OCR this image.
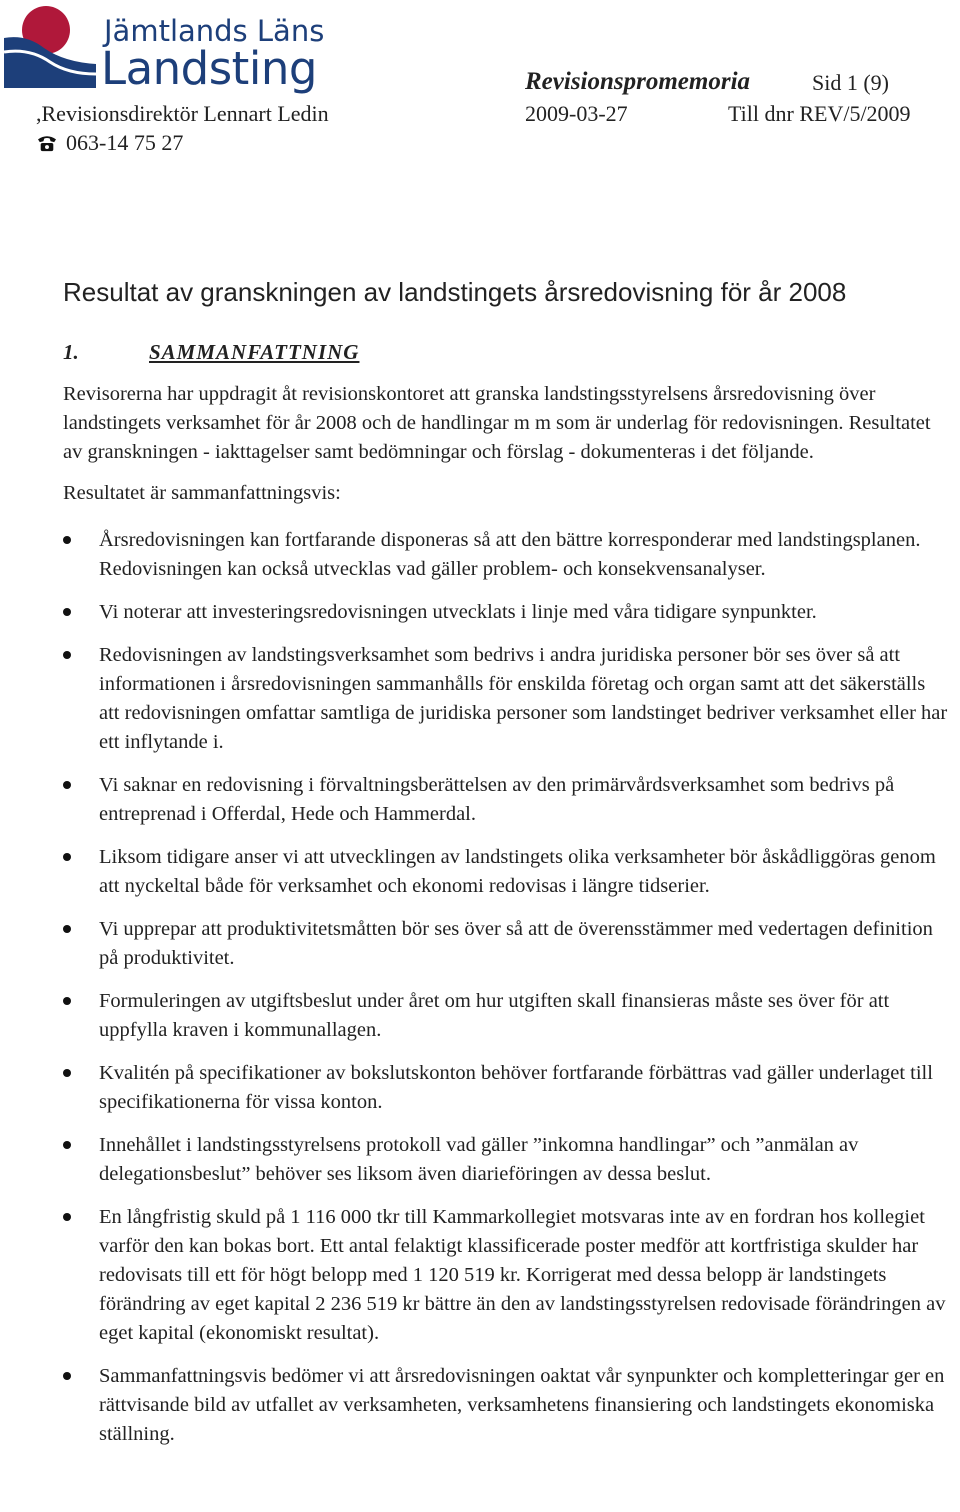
Jämtlands Läns
Landsting	Revisionspromemoria	Sid 1 (9)
,Revisionsdirektör Lennart Ledin	2009-03-27	Till dnr REV/5/2009
063-14 75 27
Resultat av granskningen av landstingets årsredovisning för år 2008
1.	SAMMANFATTNING

Revisorerna har uppdragit åt revisionskontoret att granska landstingsstyrelsens årsredovisning över landstingets verksamhet för år 2008 och de handlingar m m som är underlag för redovisningen. Resultatet av granskningen - iakttagelser samt bedömningar och förslag - dokumenteras i det följande.

Resultatet är sammanfattningsvis:

Årsredovisningen kan fortfarande disponeras så att den bättre korresponderar med landstingsplanen. Redovisningen kan också utvecklas vad gäller problem- och konsekvensanalyser.
Vi noterar att investeringsredovisningen utvecklats i linje med våra tidigare synpunkter.
Redovisningen av landstingsverksamhet som bedrivs i andra juridiska personer bör ses över så att informationen i årsredovisningen sammanhålls för enskilda företag och organ samt att det säkerställs att redovisningen omfattar samtliga de juridiska personer som landstinget bedriver verksamhet eller har ett inflytande i.
Vi saknar en redovisning i förvaltningsberättelsen av den primärvårdsverksamhet som bedrivs på entreprenad i Offerdal, Hede och Hammerdal.
Liksom tidigare anser vi att utvecklingen av landstingets olika verksamheter bör åskådliggöras genom att nyckeltal både för verksamhet och ekonomi redovisas i längre tidserier.
Vi upprepar att produktivitetsmåtten bör ses över så att de överensstämmer med vedertagen definition på produktivitet.
Formuleringen av utgiftsbeslut under året om hur utgiften skall finansieras måste ses över för att uppfylla kraven i kommunallagen.
Kvalitén på specifikationer av bokslutskonton behöver fortfarande förbättras vad gäller underlaget till specifikationerna för vissa konton.
Innehållet i landstingsstyrelsens protokoll vad gäller ”inkomna handlingar” och ”anmälan av delegationsbeslut” behöver ses liksom även diarieföringen av dessa beslut.
En långfristig skuld på 1 116 000 tkr till Kammarkollegiet motsvaras inte av en fordran hos kollegiet varför den kan bokas bort. Ett antal felaktigt klassificerade poster medför att kortfristiga skulder har redovisats till ett för högt belopp med 1 120 519 kr. Korrigerat med dessa belopp är landstingets förändring av eget kapital 2 236 519 kr bättre än den av landstingsstyrelsen redovisade förändringen av eget kapital (ekonomiskt resultat).
Sammanfattningsvis bedömer vi att årsredovisningen oaktat vår synpunkter och kompletteringar ger en rättvisande bild av utfallet av verksamheten, verksamhetens finansiering och landstingets ekonomiska ställning.
